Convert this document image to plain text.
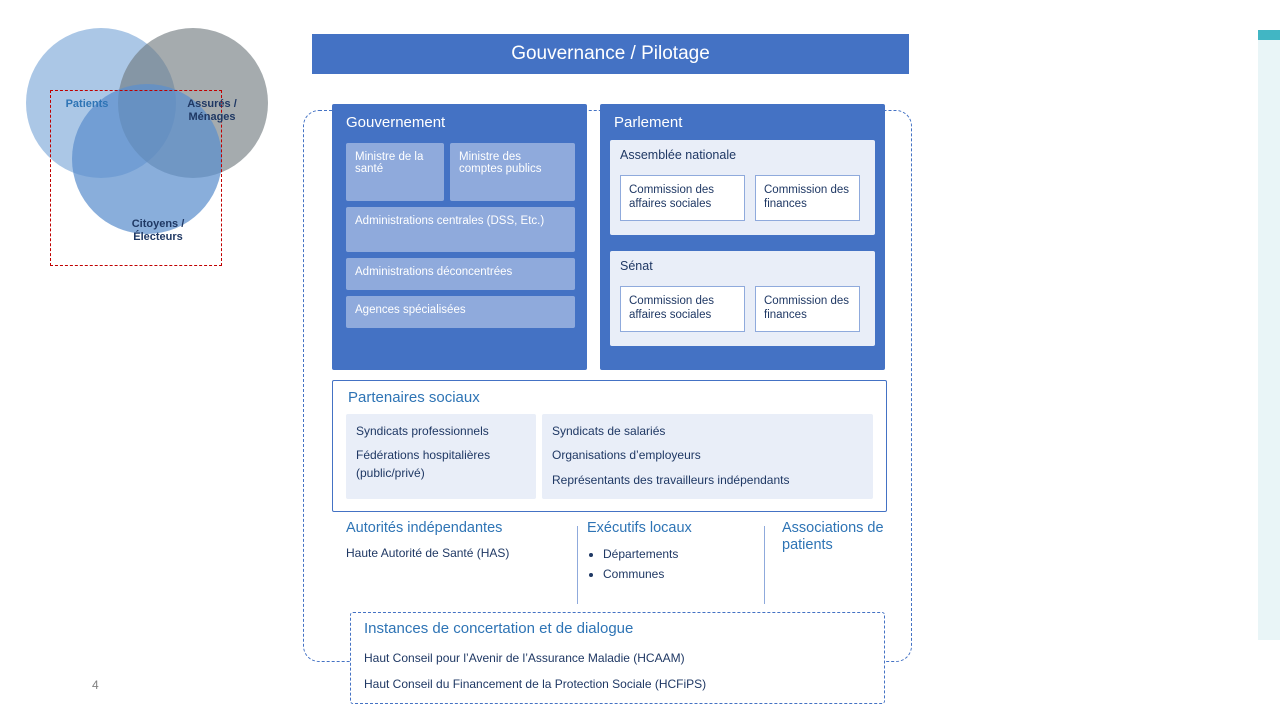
Patients	Assurés / Ménages
Citoyens / Électeurs
4
Gouvernance / Pilotage
Gouvernement
Ministre de la santé
Ministre des comptes publics
Administrations centrales (DSS, Etc.)
Administrations déconcentrées
Agences spécialisées
Parlement
Assemblée nationale
Commission des affaires sociales
Commission des finances
Sénat
Commission des affaires sociales
Commission des finances
Partenaires sociaux
Syndicats professionnels
Fédérations hospitalières (public/privé)
Syndicats de salariés
Organisations d’employeurs
Représentants des travailleurs indépendants
Autorités indépendantes
Haute Autorité de Santé (HAS)
Exécutifs locaux
• Départements
• Communes
Associations de patients
Instances de concertation et de dialogue
Haut Conseil pour l’Avenir de l’Assurance Maladie (HCAAM)
Haut Conseil du Financement de la Protection Sociale (HCFiPS)
